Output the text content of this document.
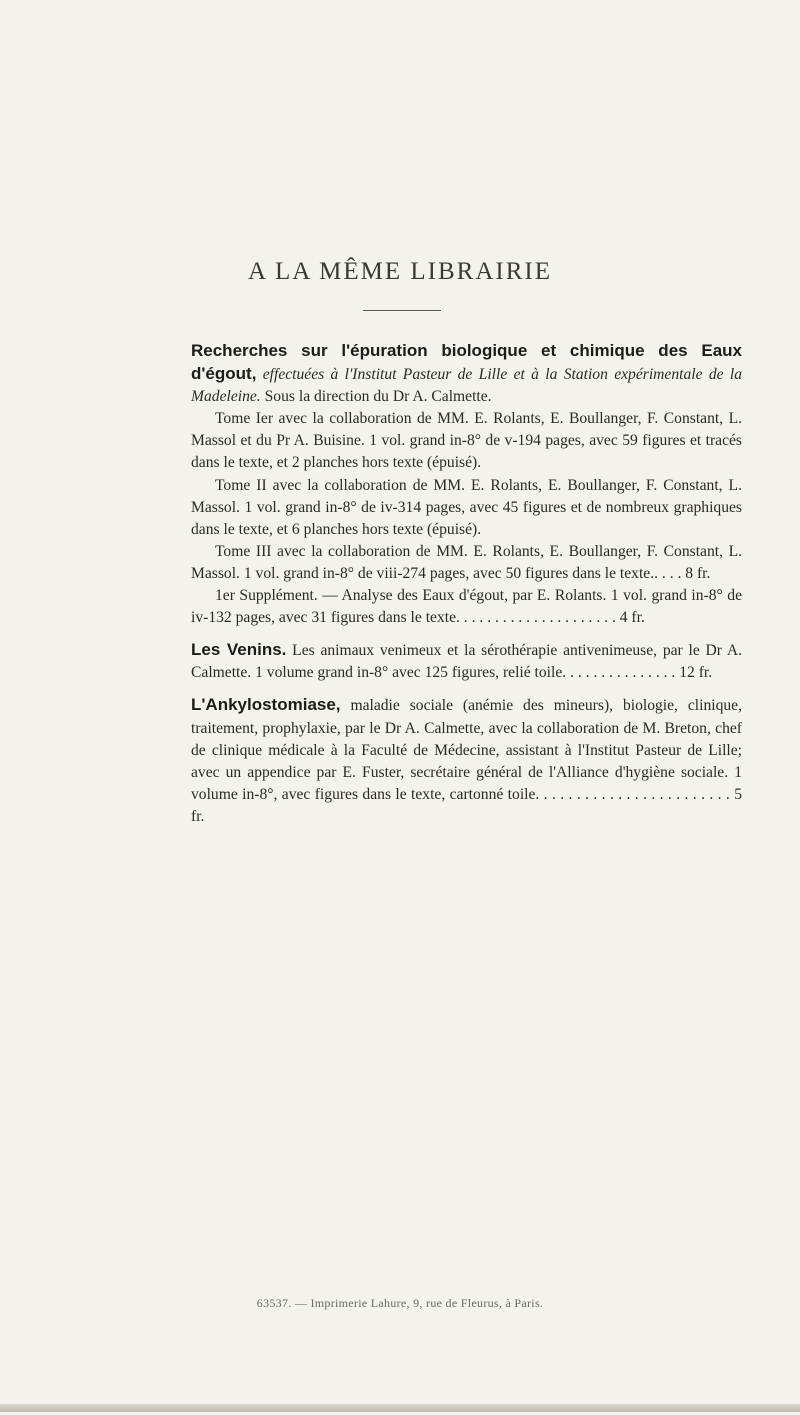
A LA MÊME LIBRAIRIE

Recherches sur l'épuration biologique et chimique des Eaux d'égout, effectuées à l'Institut Pasteur de Lille et à la Station expérimentale de la Madeleine. Sous la direction du Dr A. Calmette.

Tome Ier avec la collaboration de MM. E. Rolants, E. Boullanger, F. Constant, L. Massol et du Pr A. Buisine. 1 vol. grand in-8° de v-194 pages, avec 59 figures et tracés dans le texte, et 2 planches hors texte (épuisé).

Tome II avec la collaboration de MM. E. Rolants, E. Boullanger, F. Constant, L. Massol. 1 vol. grand in-8° de iv-314 pages, avec 45 figures et de nombreux graphiques dans le texte, et 6 planches hors texte (épuisé).

Tome III avec la collaboration de MM. E. Rolants, E. Boullanger, F. Constant, L. Massol. 1 vol. grand in-8° de viii-274 pages, avec 50 figures dans le texte.. . . . 8 fr.

1er Supplément. — Analyse des Eaux d'égout, par E. Rolants. 1 vol. grand in-8° de iv-132 pages, avec 31 figures dans le texte. . . . . . . . . . . . . . . . . . . . . 4 fr.

Les Venins. Les animaux venimeux et la sérothérapie antivenimeuse, par le Dr A. Calmette. 1 volume grand in-8° avec 125 figures, relié toile. . . . . . . . . . . . . . . 12 fr.

L'Ankylostomiase, maladie sociale (anémie des mineurs), biologie, clinique, traitement, prophylaxie, par le Dr A. Calmette, avec la collaboration de M. Breton, chef de clinique médicale à la Faculté de Médecine, assistant à l'Institut Pasteur de Lille; avec un appendice par E. Fuster, secrétaire général de l'Alliance d'hygiène sociale. 1 volume in-8°, avec figures dans le texte, cartonné toile. . . . . . . . . . . . . . . . . . . . . . . . 5 fr.

63537. — Imprimerie Lahure, 9, rue de Fleurus, à Paris.
